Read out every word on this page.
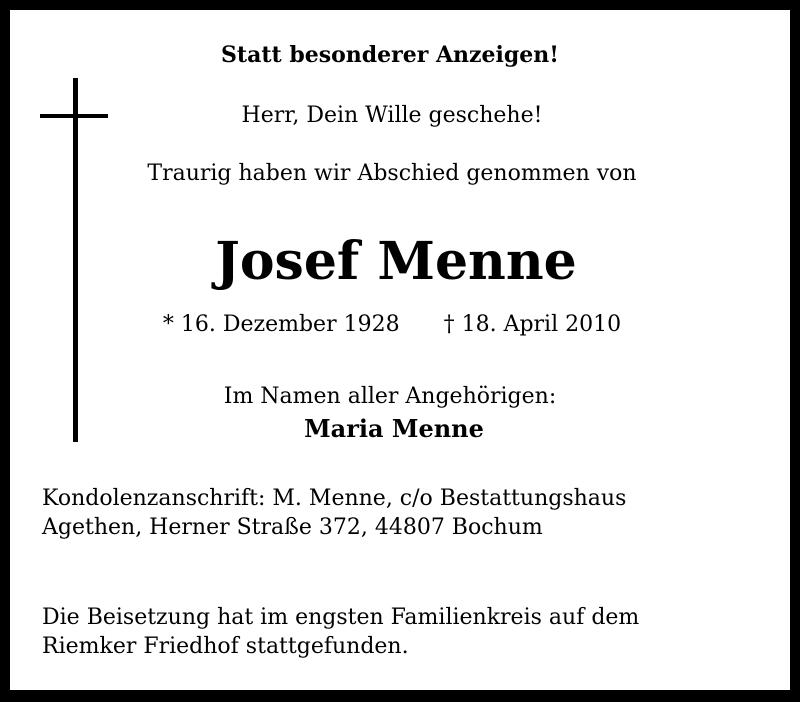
Statt besonderer Anzeigen!
Herr, Dein Wille geschehe!
Traurig haben wir Abschied genommen von
Josef Menne
* 16. Dezember 1928 † 18. April 2010
Im Namen aller Angehörigen:
Maria Menne
Kondolenzanschrift: M. Menne, c/o Bestattungshaus
Agethen, Herner Straße 372, 44807 Bochum
Die Beisetzung hat im engsten Familienkreis auf dem
Riemker Friedhof stattgefunden.
